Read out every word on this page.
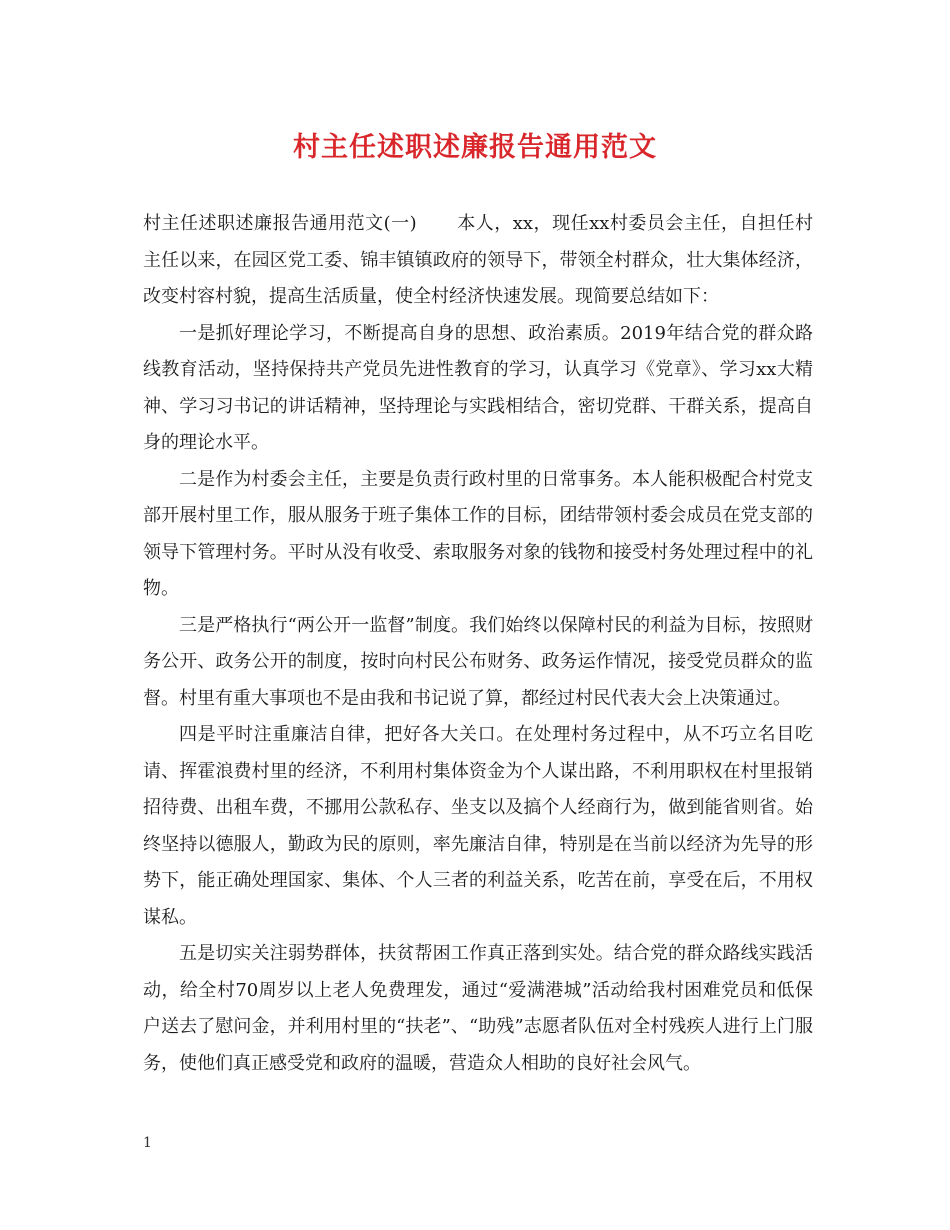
村主任述职述廉报告通用范文

村主任述职述廉报告通用范文(一) 本人，xx，现任xx村委员会主任，自担任村主任以来，在园区党工委、锦丰镇镇政府的领导下，带领全村群众，壮大集体经济，改变村容村貌，提高生活质量，使全村经济快速发展。现简要总结如下：

一是抓好理论学习，不断提高自身的思想、政治素质。2019年结合党的群众路线教育活动，坚持保持共产党员先进性教育的学习，认真学习《党章》、学习xx大精神、学习习书记的讲话精神，坚持理论与实践相结合，密切党群、干群关系，提高自身的理论水平。

二是作为村委会主任，主要是负责行政村里的日常事务。本人能积极配合村党支部开展村里工作，服从服务于班子集体工作的目标，团结带领村委会成员在党支部的领导下管理村务。平时从没有收受、索取服务对象的钱物和接受村务处理过程中的礼物。

三是严格执行“两公开一监督”制度。我们始终以保障村民的利益为目标，按照财务公开、政务公开的制度，按时向村民公布财务、政务运作情况，接受党员群众的监督。村里有重大事项也不是由我和书记说了算，都经过村民代表大会上决策通过。

四是平时注重廉洁自律，把好各大关口。在处理村务过程中，从不巧立名目吃请、挥霍浪费村里的经济，不利用村集体资金为个人谋出路，不利用职权在村里报销招待费、出租车费，不挪用公款私存、坐支以及搞个人经商行为，做到能省则省。始终坚持以德服人，勤政为民的原则，率先廉洁自律，特别是在当前以经济为先导的形势下，能正确处理国家、集体、个人三者的利益关系，吃苦在前，享受在后，不用权谋私。

五是切实关注弱势群体，扶贫帮困工作真正落到实处。结合党的群众路线实践活动，给全村70周岁以上老人免费理发，通过“爱满港城”活动给我村困难党员和低保户送去了慰问金，并利用村里的“扶老”、“助残”志愿者队伍对全村残疾人进行上门服务，使他们真正感受党和政府的温暖，营造众人相助的良好社会风气。

1
